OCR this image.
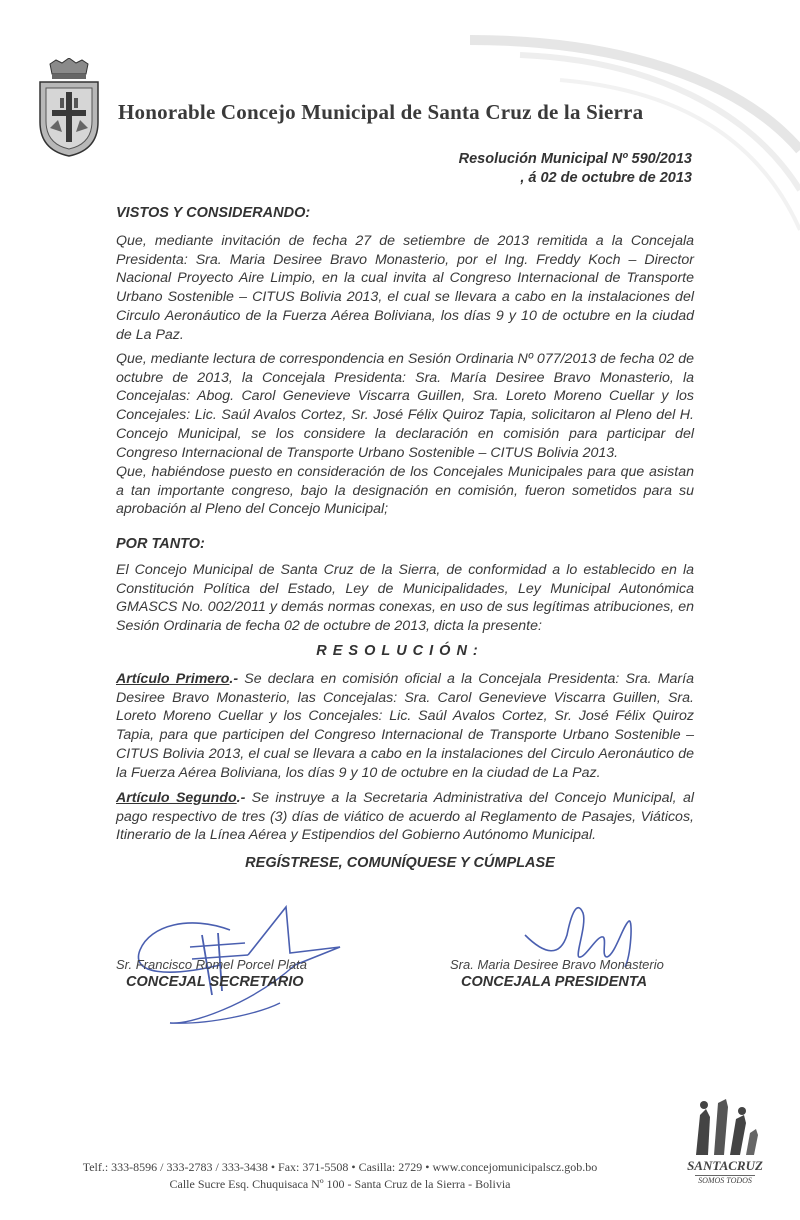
Honorable Concejo Municipal de Santa Cruz de la Sierra
Resolución Municipal Nº 590/2013
, á 02 de octubre de 2013
VISTOS Y CONSIDERANDO:

Que, mediante invitación de fecha 27 de setiembre de 2013 remitida a la Concejala Presidenta: Sra. Maria Desiree Bravo Monasterio, por el Ing. Freddy Koch – Director Nacional Proyecto Aire Limpio, en la cual invita al Congreso Internacional de Transporte Urbano Sostenible – CITUS Bolivia 2013, el cual se llevara a cabo en la instalaciones del Circulo Aeronáutico de la Fuerza Aérea Boliviana, los días 9 y 10 de octubre en la ciudad de La Paz.

Que, mediante lectura de correspondencia en Sesión Ordinaria Nº 077/2013 de fecha 02 de octubre de 2013, la Concejala Presidenta: Sra. María Desiree Bravo Monasterio, la Concejalas: Abog. Carol Genevieve Viscarra Guillen, Sra. Loreto Moreno Cuellar y los Concejales: Lic. Saúl Avalos Cortez, Sr. José Félix Quiroz Tapia, solicitaron al Pleno del H. Concejo Municipal, se los considere la declaración en comisión para participar del Congreso Internacional de Transporte Urbano Sostenible – CITUS Bolivia 2013.

Que, habiéndose puesto en consideración de los Concejales Municipales para que asistan a tan importante congreso, bajo la designación en comisión, fueron sometidos para su aprobación al Pleno del Concejo Municipal;

POR TANTO:

El Concejo Municipal de Santa Cruz de la Sierra, de conformidad a lo establecido en la Constitución Política del Estado, Ley de Municipalidades, Ley Municipal Autonómica GMASCS No. 002/2011 y demás normas conexas, en uso de sus legítimas atribuciones, en Sesión Ordinaria de fecha 02 de octubre de 2013, dicta la presente:

RESOLUCIÓN:

Artículo Primero.- Se declara en comisión oficial a la Concejala Presidenta: Sra. María Desiree Bravo Monasterio, las Concejalas: Sra. Carol Genevieve Viscarra Guillen, Sra. Loreto Moreno Cuellar y los Concejales: Lic. Saúl Avalos Cortez, Sr. José Félix Quiroz Tapia, para que participen del Congreso Internacional de Transporte Urbano Sostenible – CITUS Bolivia 2013, el cual se llevara a cabo en la instalaciones del Circulo Aeronáutico de la Fuerza Aérea Boliviana, los días 9 y 10 de octubre en la ciudad de La Paz.

Artículo Segundo.- Se instruye a la Secretaria Administrativa del Concejo Municipal, al pago respectivo de tres (3) días de viático de acuerdo al Reglamento de Pasajes, Viáticos, Itinerario de la Línea Aérea y Estipendios del Gobierno Autónomo Municipal.

REGÍSTRESE, COMUNÍQUESE Y CÚMPLASE
Sr. Francisco Romel Porcel Plata
CONCEJAL SECRETARIO
Sra. Maria Desiree Bravo Monasterio
CONCEJALA PRESIDENTA
SANTACRUZ
SOMOS TODOS
Telf.: 333-8596 / 333-2783 / 333-3438 • Fax: 371-5508 • Casilla: 2729 • www.concejomunicipalscz.gob.bo
Calle Sucre Esq. Chuquisaca Nº 100 - Santa Cruz de la Sierra - Bolivia
